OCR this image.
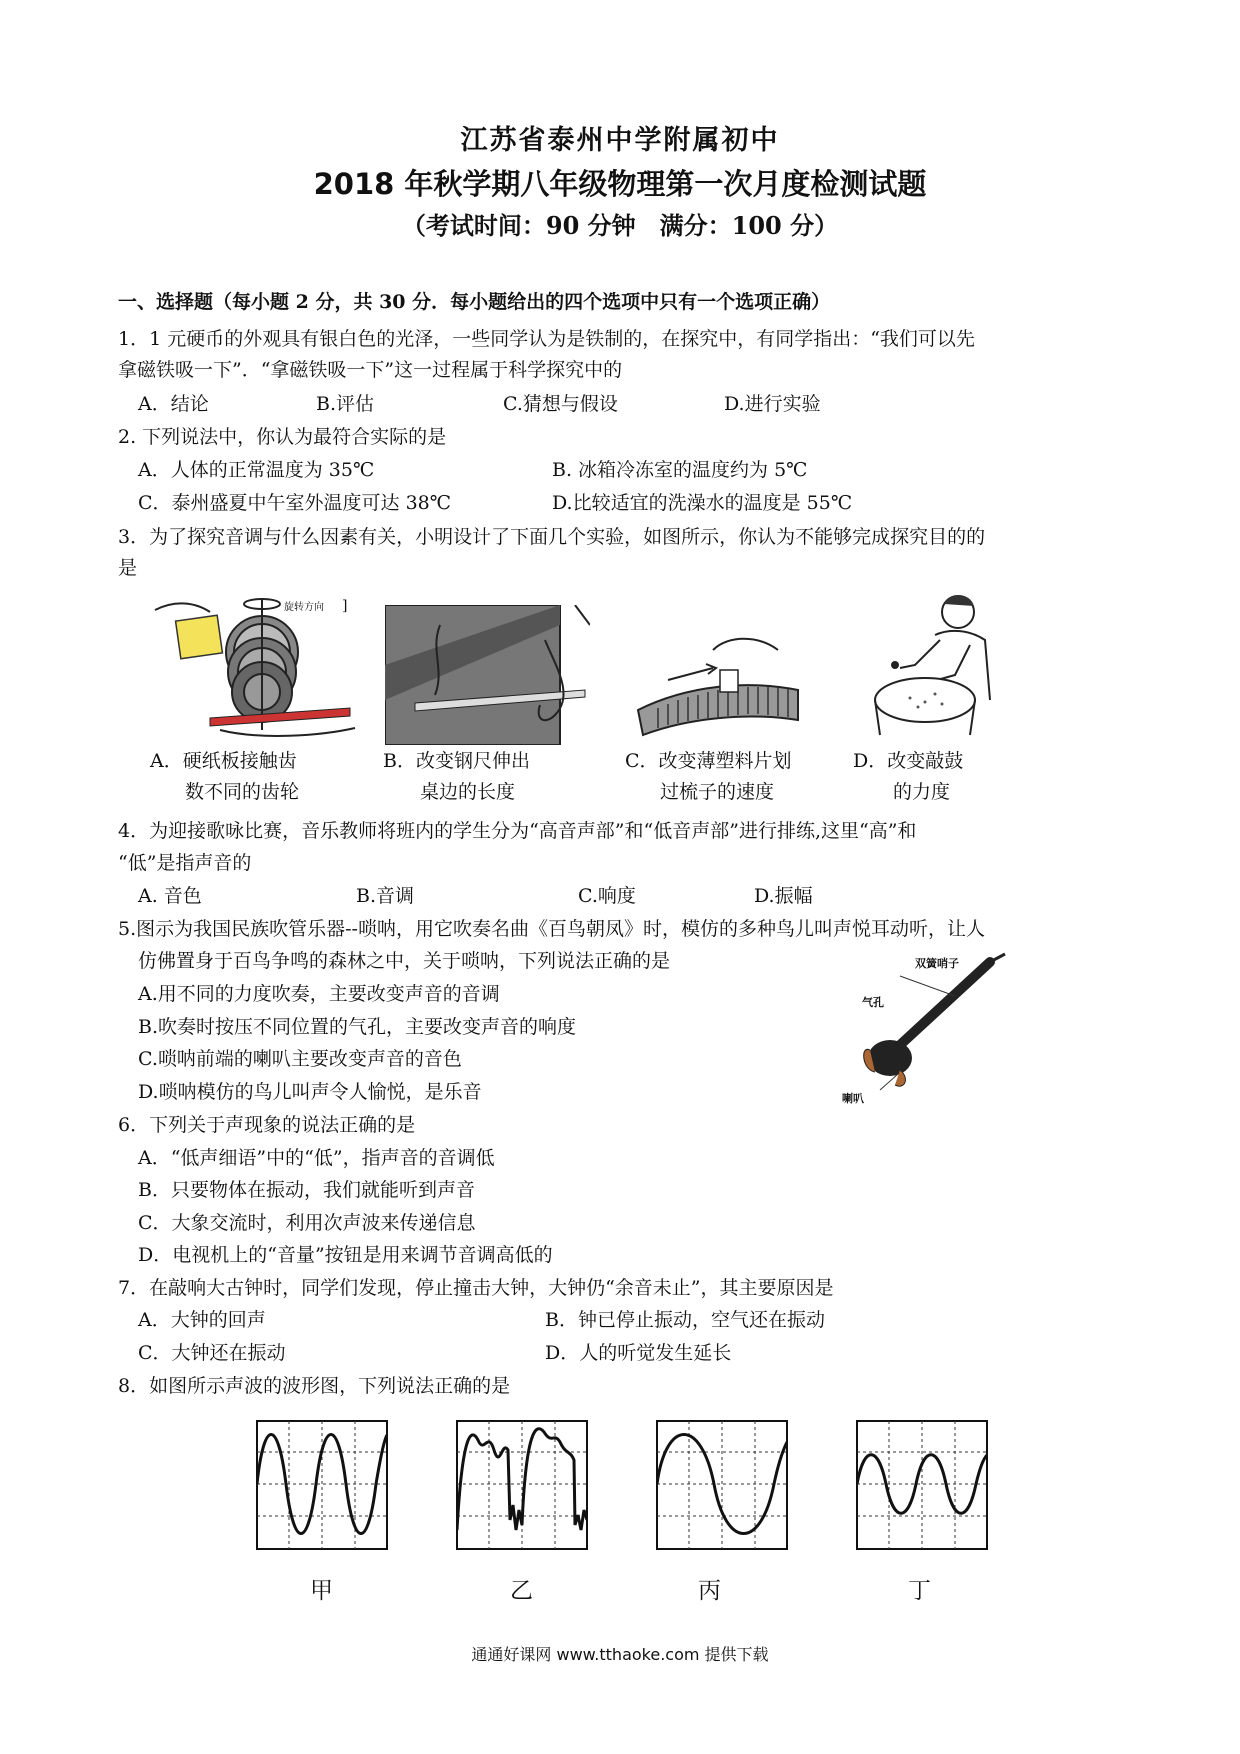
江苏省泰州中学附属初中
2018 年秋学期八年级物理第一次月度检测试题
（考试时间：90 分钟　满分：100 分）
一、选择题（每小题 2 分，共 30 分．每小题给出的四个选项中只有一个选项正确）
1．1 元硬币的外观具有银白色的光泽，一些同学认为是铁制的，在探究中，有同学指出：“我们可以先
拿磁铁吸一下”．“拿磁铁吸一下”这一过程属于科学探究中的
A．结论	B.评估	C.猜想与假设	D.进行实验
2. 下列说法中，你认为最符合实际的是
A．人体的正常温度为 35℃	B. 冰箱冷冻室的温度约为 5℃
C．泰州盛夏中午室外温度可达 38℃	D.比较适宜的洗澡水的温度是 55℃
3．为了探究音调与什么因素有关，小明设计了下面几个实验，如图所示，你认为不能够完成探究目的的
是
旋转方向 ]
A．硬纸板接触齿
数不同的齿轮
B．改变钢尺伸出
桌边的长度
C．改变薄塑料片划
过梳子的速度
D．改变敲鼓
的力度
4．为迎接歌咏比赛，音乐教师将班内的学生分为“高音声部”和“低音声部”进行排练,这里“高”和
“低”是指声音的
A. 音色	B.音调	C.响度	D.振幅
5.图示为我国民族吹管乐器--唢呐，用它吹奏名曲《百鸟朝凤》时，模仿的多种鸟儿叫声悦耳动听，让人
仿佛置身于百鸟争鸣的森林之中，关于唢呐，下列说法正确的是
A.用不同的力度吹奏，主要改变声音的音调
B.吹奏时按压不同位置的气孔，主要改变声音的响度
C.唢呐前端的喇叭主要改变声音的音色
D.唢呐模仿的鸟儿叫声令人愉悦，是乐音
双簧哨子
气孔
喇叭
6．下列关于声现象的说法正确的是
A．“低声细语”中的“低”，指声音的音调低
B．只要物体在振动，我们就能听到声音
C．大象交流时，利用次声波来传递信息
D．电视机上的“音量”按钮是用来调节音调高低的
7．在敲响大古钟时，同学们发现，停止撞击大钟，大钟仍“余音未止”，其主要原因是
A．大钟的回声	B．钟已停止振动，空气还在振动
C．大钟还在振动	D．人的听觉发生延长
8．如图所示声波的波形图，下列说法正确的是
甲	乙	丙	丁
通通好课网 www.tthaoke.com 提供下载
